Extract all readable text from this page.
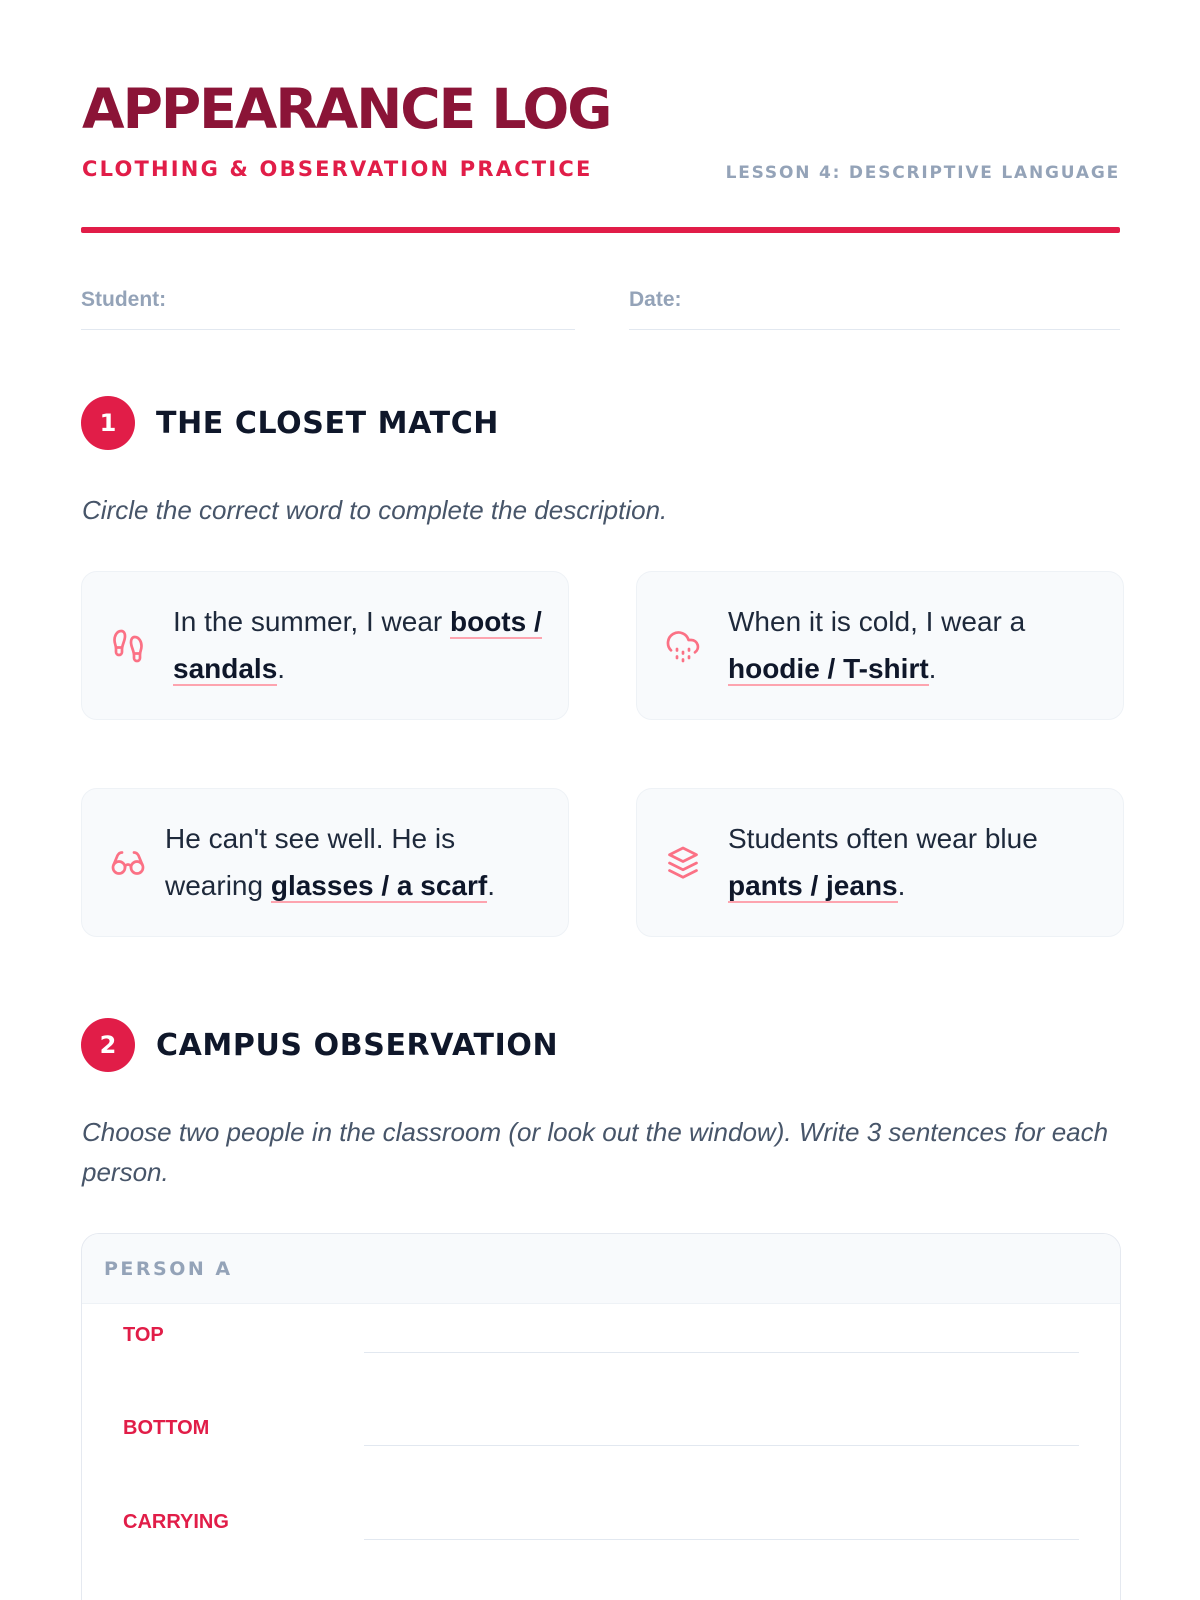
APPEARANCE LOG
CLOTHING & OBSERVATION PRACTICE	LESSON 4: DESCRIPTIVE LANGUAGE
Student:	Date:
1	THE CLOSET MATCH
Circle the correct word to complete the description.
In the summer, I wear boots / sandals.
When it is cold, I wear a hoodie / T-shirt.
He can't see well. He is wearing glasses / a scarf.
Students often wear blue pants / jeans.
2	CAMPUS OBSERVATION
Choose two people in the classroom (or look out the window). Write 3 sentences for each person.
PERSON A
TOP
BOTTOM
CARRYING
